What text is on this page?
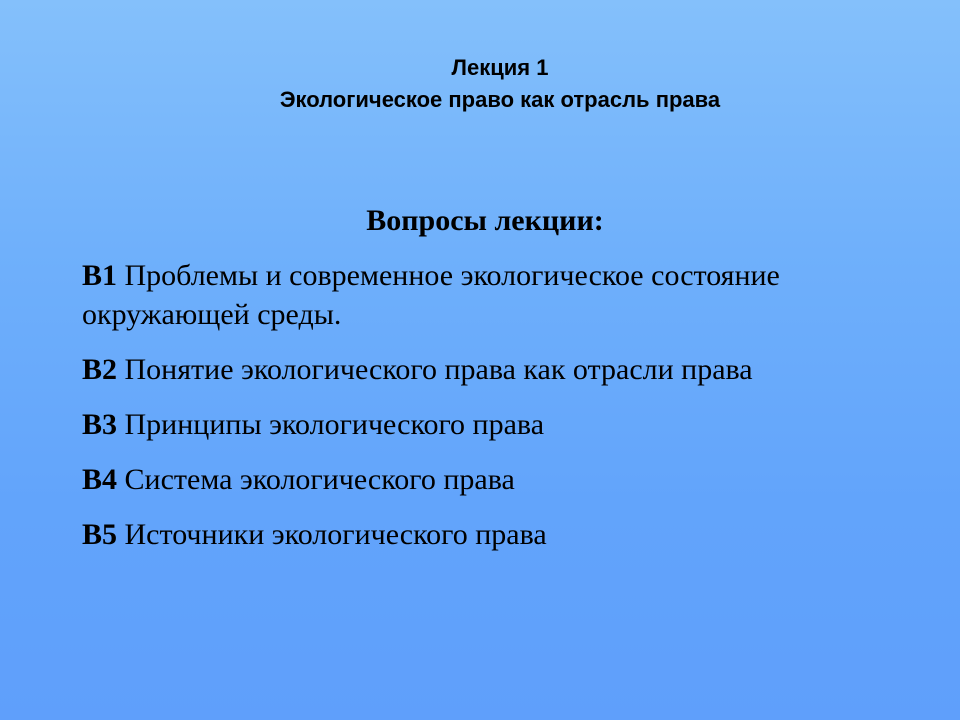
Лекция 1
Экологическое право как отрасль права
Вопросы лекции:
В1 Проблемы и современное экологическое состояние окружающей среды.
В2 Понятие экологического права как отрасли права
В3 Принципы экологического права
В4 Система экологического права
В5 Источники экологического права
